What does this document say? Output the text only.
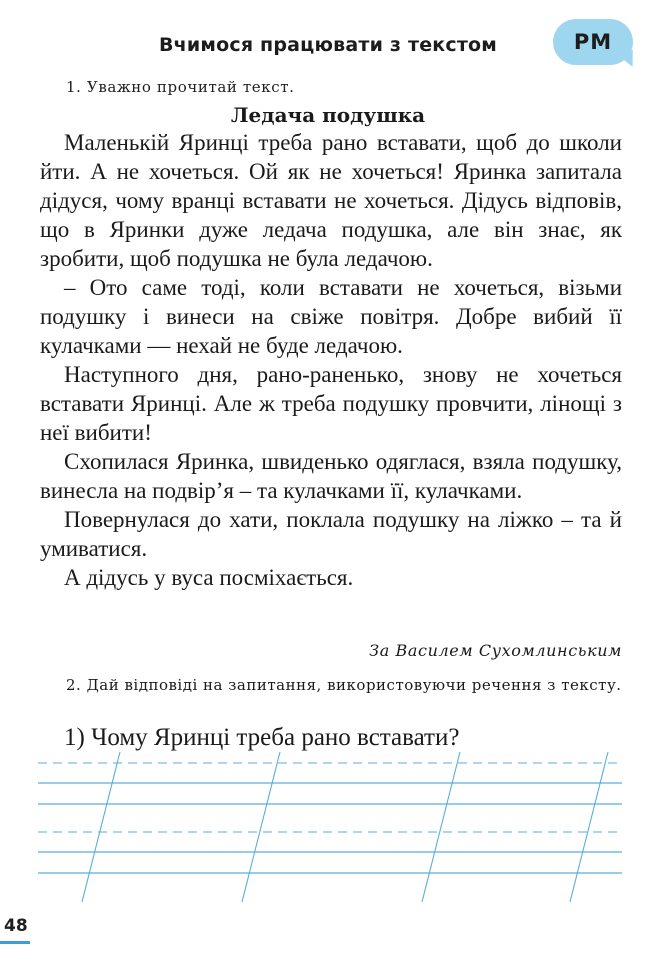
Вчимося працювати з текстом	РМ
1. Уважно прочитай текст.
Ледача подушка

Маленькій Яринці треба рано вставати, щоб до школи йти. А не хочеться. Ой як не хочеться! Яринка запитала дідуся, чому вранці вставати не хочеться. Дідусь відповів, що в Яринки дуже ледача подушка, але він знає, як зробити, щоб подушка не була ледачою.

– Ото саме тоді, коли вставати не хочеться, візьми подушку і винеси на свіже повітря. Добре вибий її кулачками — нехай не буде ледачою.

Наступного дня, рано-раненько, знову не хочеться вставати Яринці. Але ж треба подушку провчити, лінощі з неї вибити!

Схопилася Яринка, швиденько одяглася, взяла подушку, винесла на подвір’я – та кулачками її, кулачками.

Повернулася до хати, поклала подушку на ліжко – та й умиватися.

А дідусь у вуса посміхається.

За Василем Сухомлинським
2. Дай відповіді на запитання, використовуючи речення з тексту.
1) Чому Яринці треба рано вставати?
48
